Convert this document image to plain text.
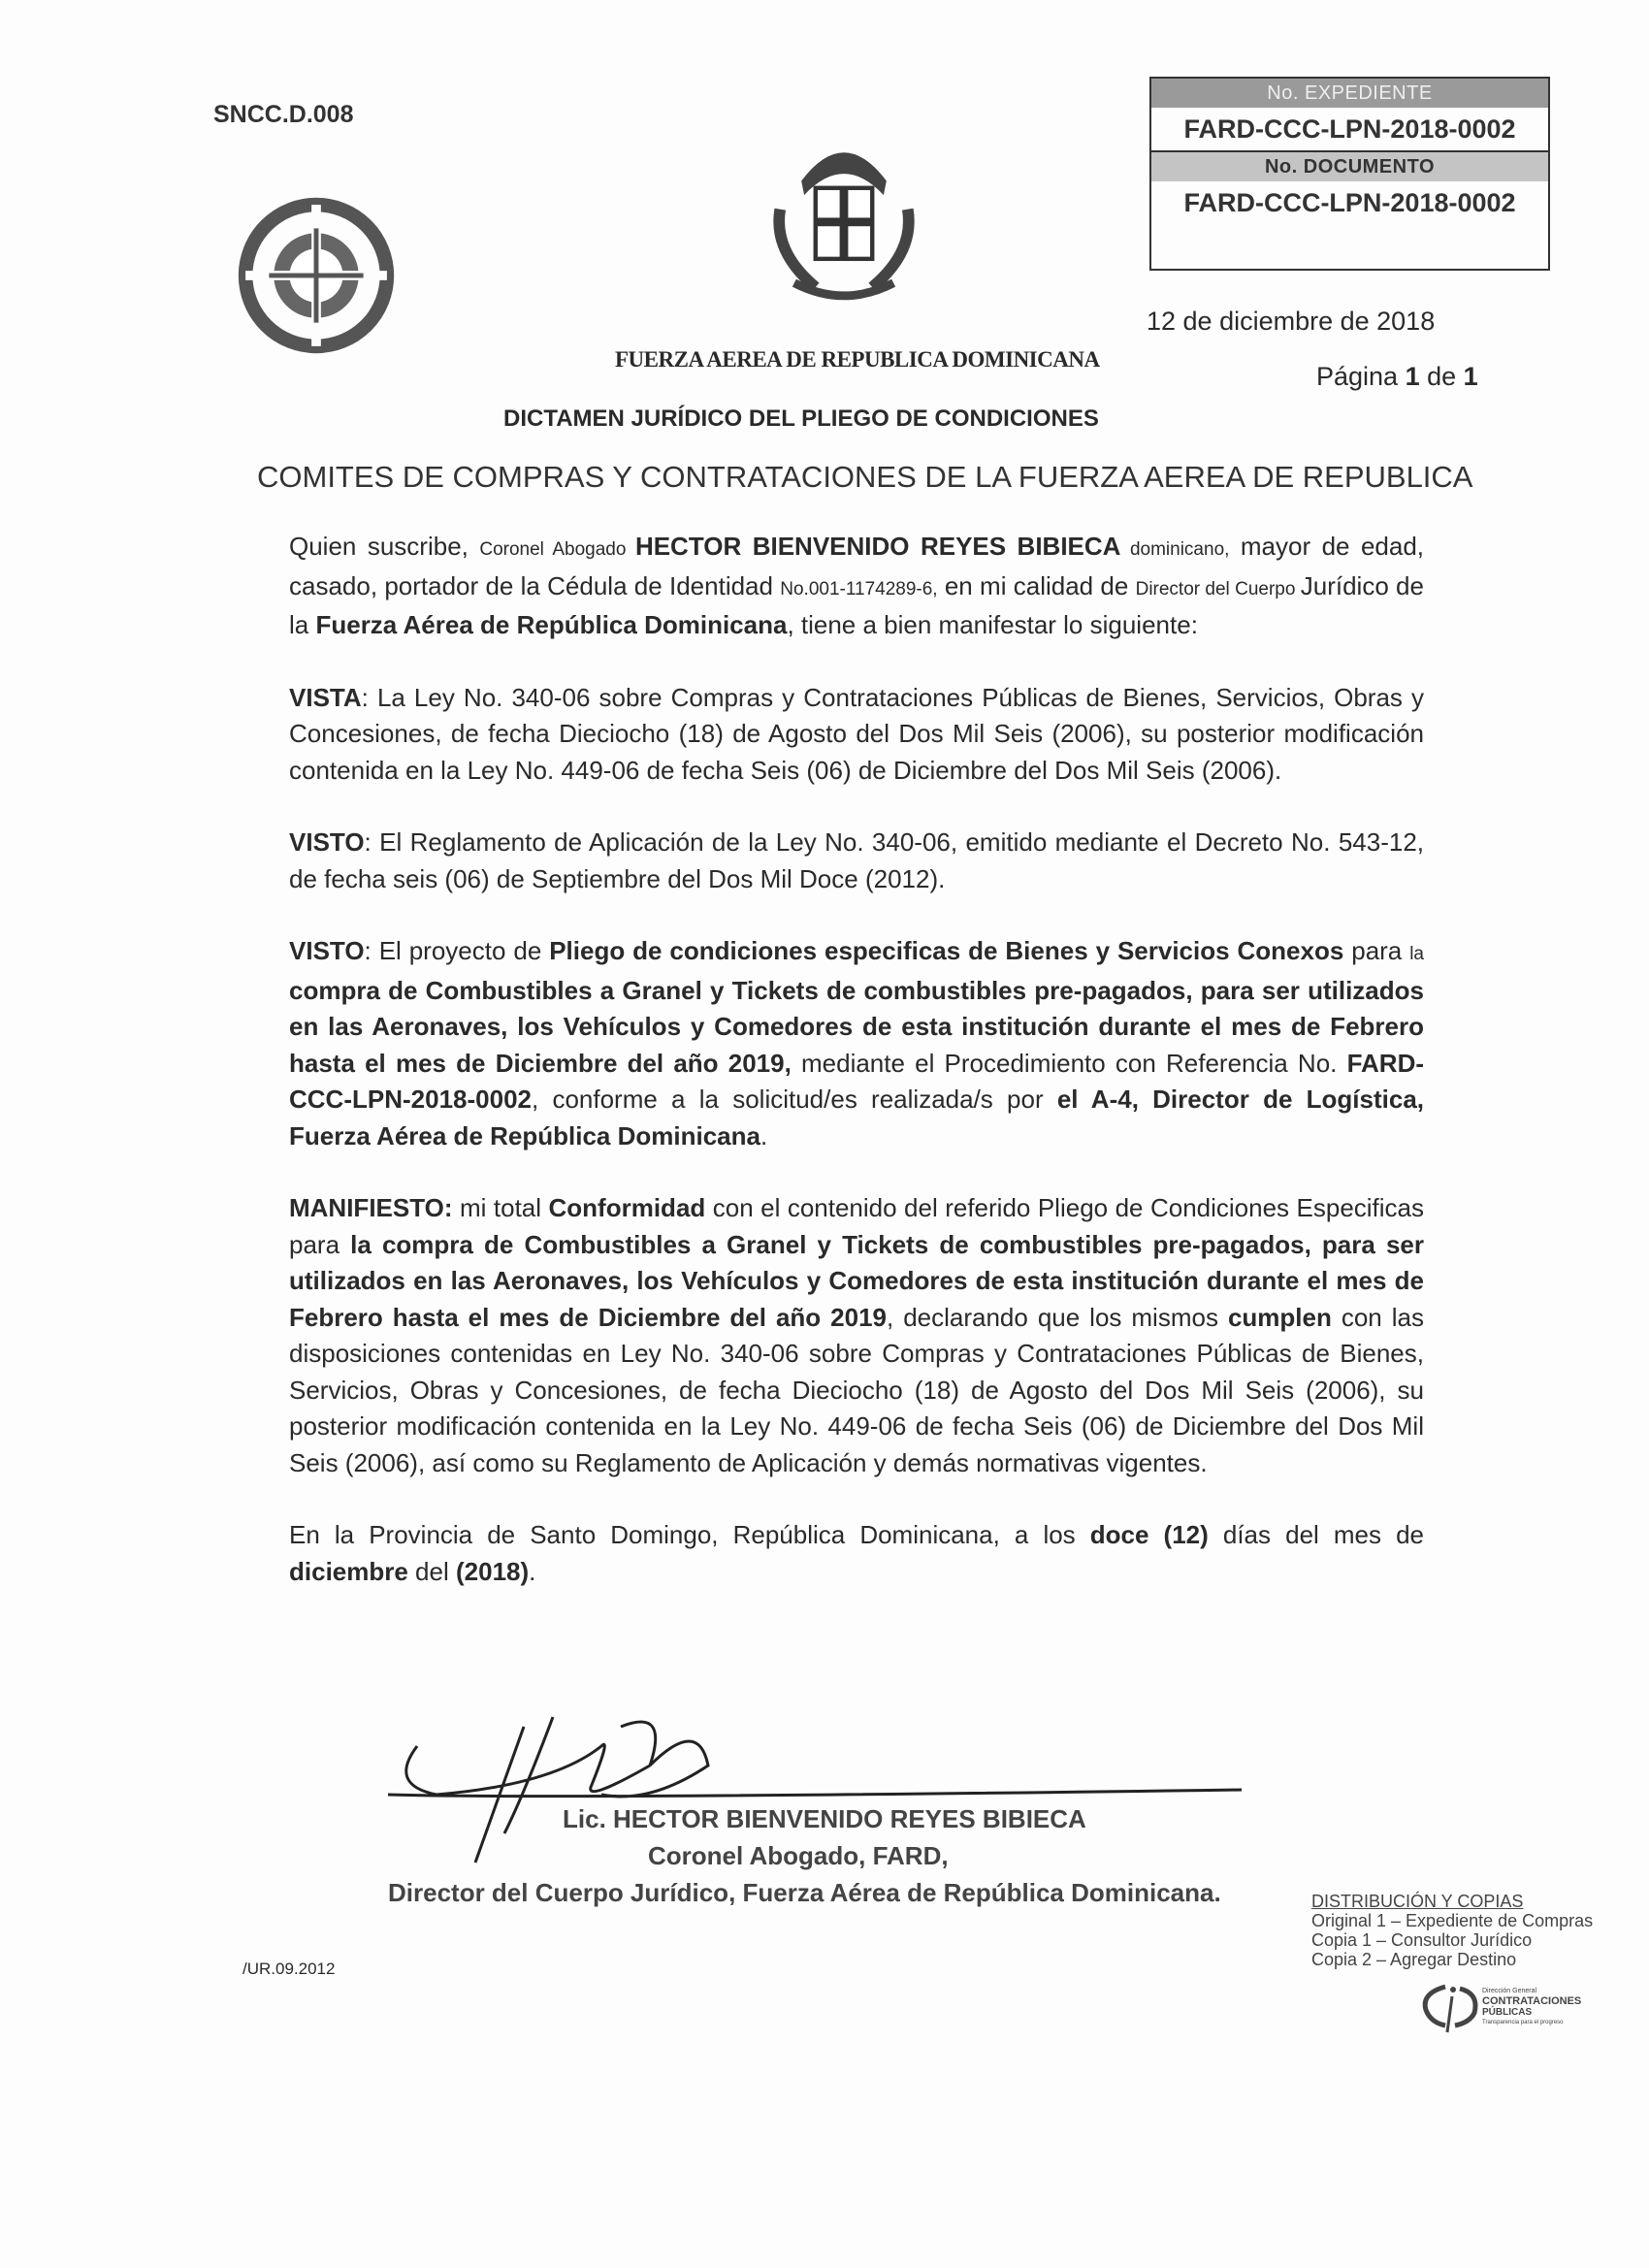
SNCC.D.008
No. EXPEDIENTE
FARD-CCC-LPN-2018-0002
No. DOCUMENTO
FARD-CCC-LPN-2018-0002
12 de diciembre de 2018
Página 1 de 1
FUERZA AEREA DE REPUBLICA DOMINICANA
DICTAMEN JURÍDICO DEL PLIEGO DE CONDICIONES
COMITES DE COMPRAS Y CONTRATACIONES DE LA FUERZA AEREA DE REPUBLICA

Quien suscribe, Coronel Abogado HECTOR BIENVENIDO REYES BIBIECA dominicano, mayor de edad, casado, portador de la Cédula de Identidad No.001-1174289-6, en mi calidad de Director del Cuerpo Jurídico de la Fuerza Aérea de República Dominicana, tiene a bien manifestar lo siguiente:

VISTA: La Ley No. 340-06 sobre Compras y Contrataciones Públicas de Bienes, Servicios, Obras y Concesiones, de fecha Dieciocho (18) de Agosto del Dos Mil Seis (2006), su posterior modificación contenida en la Ley No. 449-06 de fecha Seis (06) de Diciembre del Dos Mil Seis (2006).

VISTO: El Reglamento de Aplicación de la Ley No. 340-06, emitido mediante el Decreto No. 543-12, de fecha seis (06) de Septiembre del Dos Mil Doce (2012).

VISTO: El proyecto de Pliego de condiciones especificas de Bienes y Servicios Conexos para la compra de Combustibles a Granel y Tickets de combustibles pre-pagados, para ser utilizados en las Aeronaves, los Vehículos y Comedores de esta institución durante el mes de Febrero hasta el mes de Diciembre del año 2019, mediante el Procedimiento con Referencia No. FARD-CCC-LPN-2018-0002, conforme a la solicitud/es realizada/s por el A-4, Director de Logística, Fuerza Aérea de República Dominicana.

MANIFIESTO: mi total Conformidad con el contenido del referido Pliego de Condiciones Especificas para la compra de Combustibles a Granel y Tickets de combustibles pre-pagados, para ser utilizados en las Aeronaves, los Vehículos y Comedores de esta institución durante el mes de Febrero hasta el mes de Diciembre del año 2019, declarando que los mismos cumplen con las disposiciones contenidas en Ley No. 340-06 sobre Compras y Contrataciones Públicas de Bienes, Servicios, Obras y Concesiones, de fecha Dieciocho (18) de Agosto del Dos Mil Seis (2006), su posterior modificación contenida en la Ley No. 449-06 de fecha Seis (06) de Diciembre del Dos Mil Seis (2006), así como su Reglamento de Aplicación y demás normativas vigentes.

En la Provincia de Santo Domingo, República Dominicana, a los doce (12) días del mes de diciembre del (2018).

Lic. HECTOR BIENVENIDO REYES BIBIECA
Coronel Abogado, FARD,
Director del Cuerpo Jurídico, Fuerza Aérea de República Dominicana.
/UR.09.2012
DISTRIBUCIÓN Y COPIAS
Original 1 – Expediente de Compras
Copia 1 – Consultor Jurídico
Copia 2 – Agregar Destino
Dirección General
CONTRATACIONES
PÚBLICAS
Transparencia para el progreso
